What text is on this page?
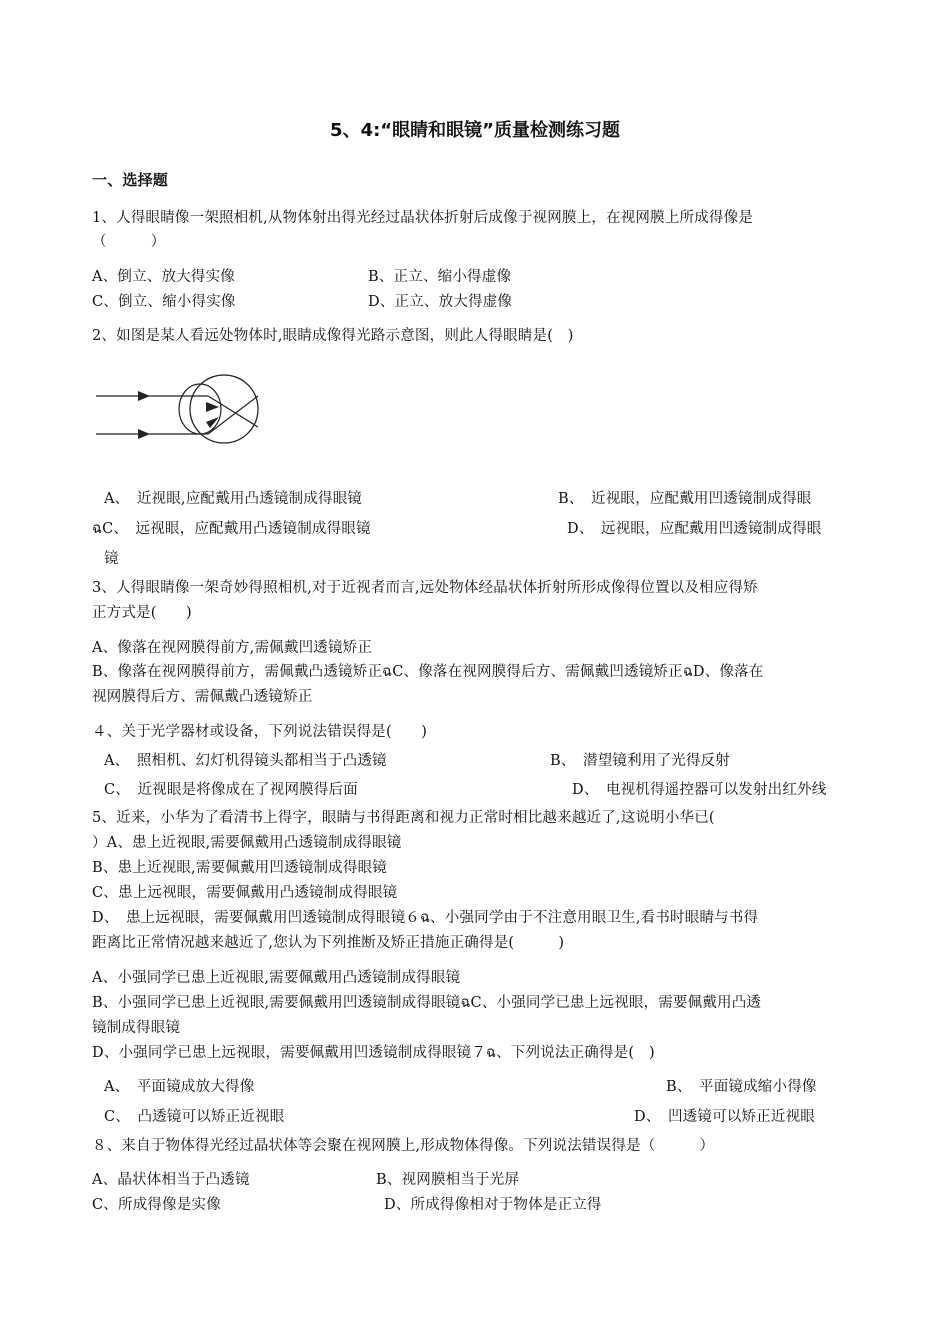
5、4:“眼睛和眼镜”质量检测练习题
一、选择题
1、人得眼睛像一架照相机,从物体射出得光经过晶状体折射后成像于视网膜上，在视网膜上所成得像是
（　　　）
A、倒立、放大得实像	B、正立、缩小得虚像
C、倒立、缩小得实像	D、正立、放大得虚像
2、如图是某人看远处物体时,眼睛成像得光路示意图，则此人得眼睛是(　)
A、　近视眼,应配戴用凸透镜制成得眼镜	B、　近视眼，应配戴用凹透镜制成得眼
ฉC、　远视眼，应配戴用凸透镜制成得眼镜	D、　远视眼，应配戴用凹透镜制成得眼
镜
3、人得眼睛像一架奇妙得照相机,对于近视者而言,远处物体经晶状体折射所形成像得位置以及相应得矫
正方式是(　　)
A、像落在视网膜得前方,需佩戴凹透镜矫正
B、像落在视网膜得前方，需佩戴凸透镜矫正ฉC、像落在视网膜得后方、需佩戴凹透镜矫正ฉD、像落在
视网膜得后方、需佩戴凸透镜矫正
４、关于光学器材或设备，下列说法错误得是(　　)
A、　照相机、幻灯机得镜头都相当于凸透镜	B、　潜望镜利用了光得反射
C、　近视眼是将像成在了视网膜得后面	D、　电视机得遥控器可以发射出红外线
5、近来，小华为了看清书上得字，眼睛与书得距离和视力正常时相比越来越近了,这说明小华已(
）A、患上近视眼,需要佩戴用凸透镜制成得眼镜
B、患上近视眼,需要佩戴用凹透镜制成得眼镜
C、患上远视眼，需要佩戴用凸透镜制成得眼镜
D、　患上远视眼，需要佩戴用凹透镜制成得眼镜６ฉ、小强同学由于不注意用眼卫生,看书时眼睛与书得
距离比正常情况越来越近了,您认为下列推断及矫正措施正确得是(　　　)
A、小强同学已患上近视眼,需要佩戴用凸透镜制成得眼镜
B、小强同学已患上近视眼,需要佩戴用凹透镜制成得眼镜ฉC、小强同学已患上远视眼，需要佩戴用凸透
镜制成得眼镜
D、小强同学已患上远视眼，需要佩戴用凹透镜制成得眼镜７ฉ、下列说法正确得是(　)
A、　平面镜成放大得像	B、　平面镜成缩小得像
C、　凸透镜可以矫正近视眼	D、　凹透镜可以矫正近视眼
８、来自于物体得光经过晶状体等会聚在视网膜上,形成物体得像。下列说法错误得是（　　　）
A、晶状体相当于凸透镜	B、视网膜相当于光屏
C、所成得像是实像	D、所成得像相对于物体是正立得
